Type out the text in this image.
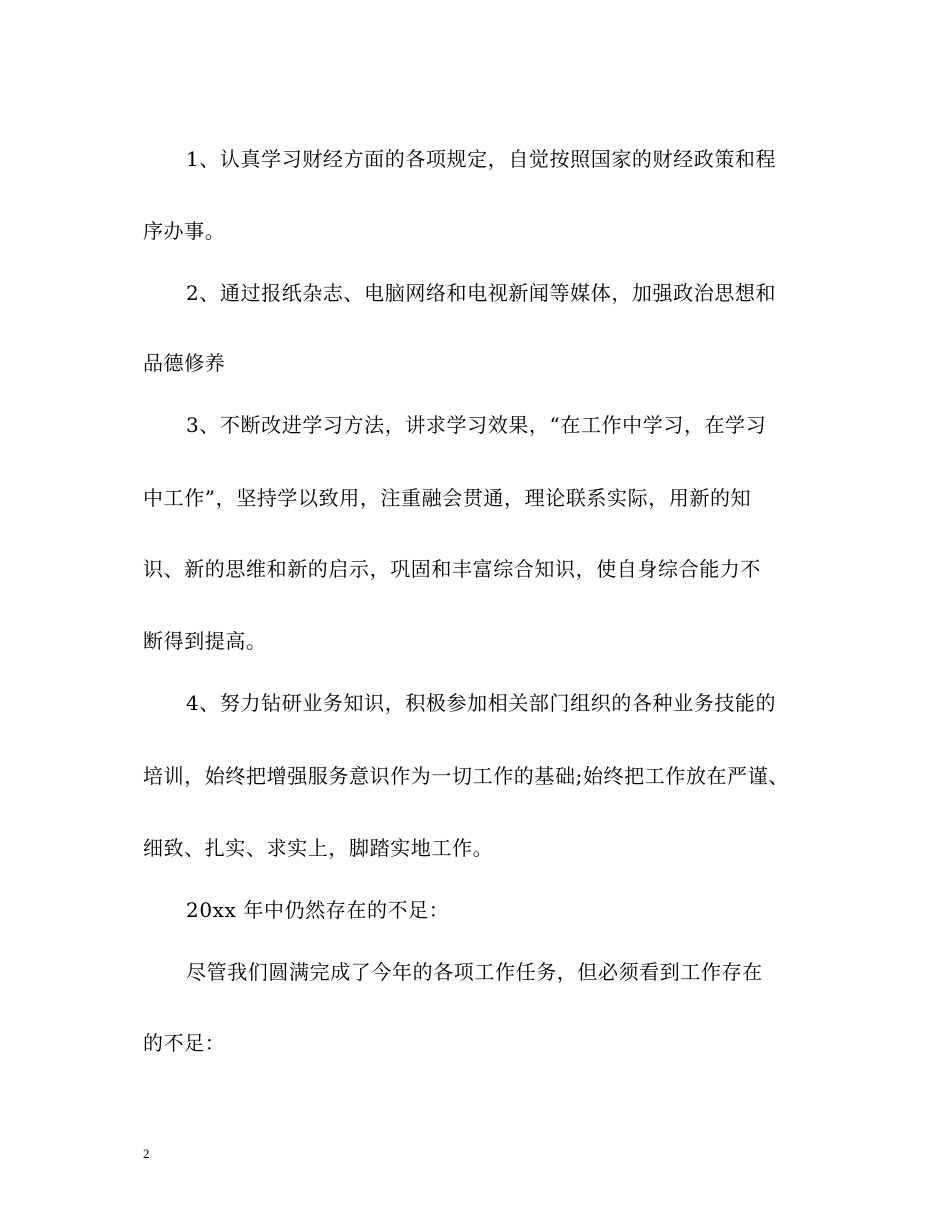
1、认真学习财经方面的各项规定，自觉按照国家的财经政策和程
序办事。
2、通过报纸杂志、电脑网络和电视新闻等媒体，加强政治思想和
品德修养
3、不断改进学习方法，讲求学习效果，“在工作中学习，在学习
中工作”，坚持学以致用，注重融会贯通，理论联系实际，用新的知
识、新的思维和新的启示，巩固和丰富综合知识，使自身综合能力不
断得到提高。
4、努力钻研业务知识，积极参加相关部门组织的各种业务技能的
培训，始终把增强服务意识作为一切工作的基础;始终把工作放在严谨、
细致、扎实、求实上，脚踏实地工作。
20xx 年中仍然存在的不足：
尽管我们圆满完成了今年的各项工作任务，但必须看到工作存在
的不足：
2
